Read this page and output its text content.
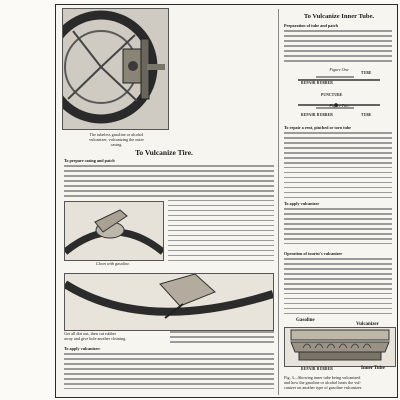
The tubeless gasoline or alcohol
vulcanizer, vulcanizing the outer
casing.
To Vulcanize Tire.
To prepare casing and patch
Clean with gasoline.
Get all dirt out, then cut rubber
away and give hole another cleaning.
To apply vulcanizer:
To Vulcanize Inner Tube.
Preparation of tube and patch
REPAIR RUBBER
TUBE
Figure One
PUNCTURE
Figure Two
REPAIR RUBBER	TUBE
To repair a rent, pinched or torn tube
To apply vulcanizer
Operation of tourist's vulcanizer
Gasoline
Vulcanizer
REPAIR RUBBER	Inner Tube
Fig. 3—Showing inner tube being vulcanized
and how the gasoline or alcohol heats the vul-
canizer on another type of gasoline vulcanizer.
